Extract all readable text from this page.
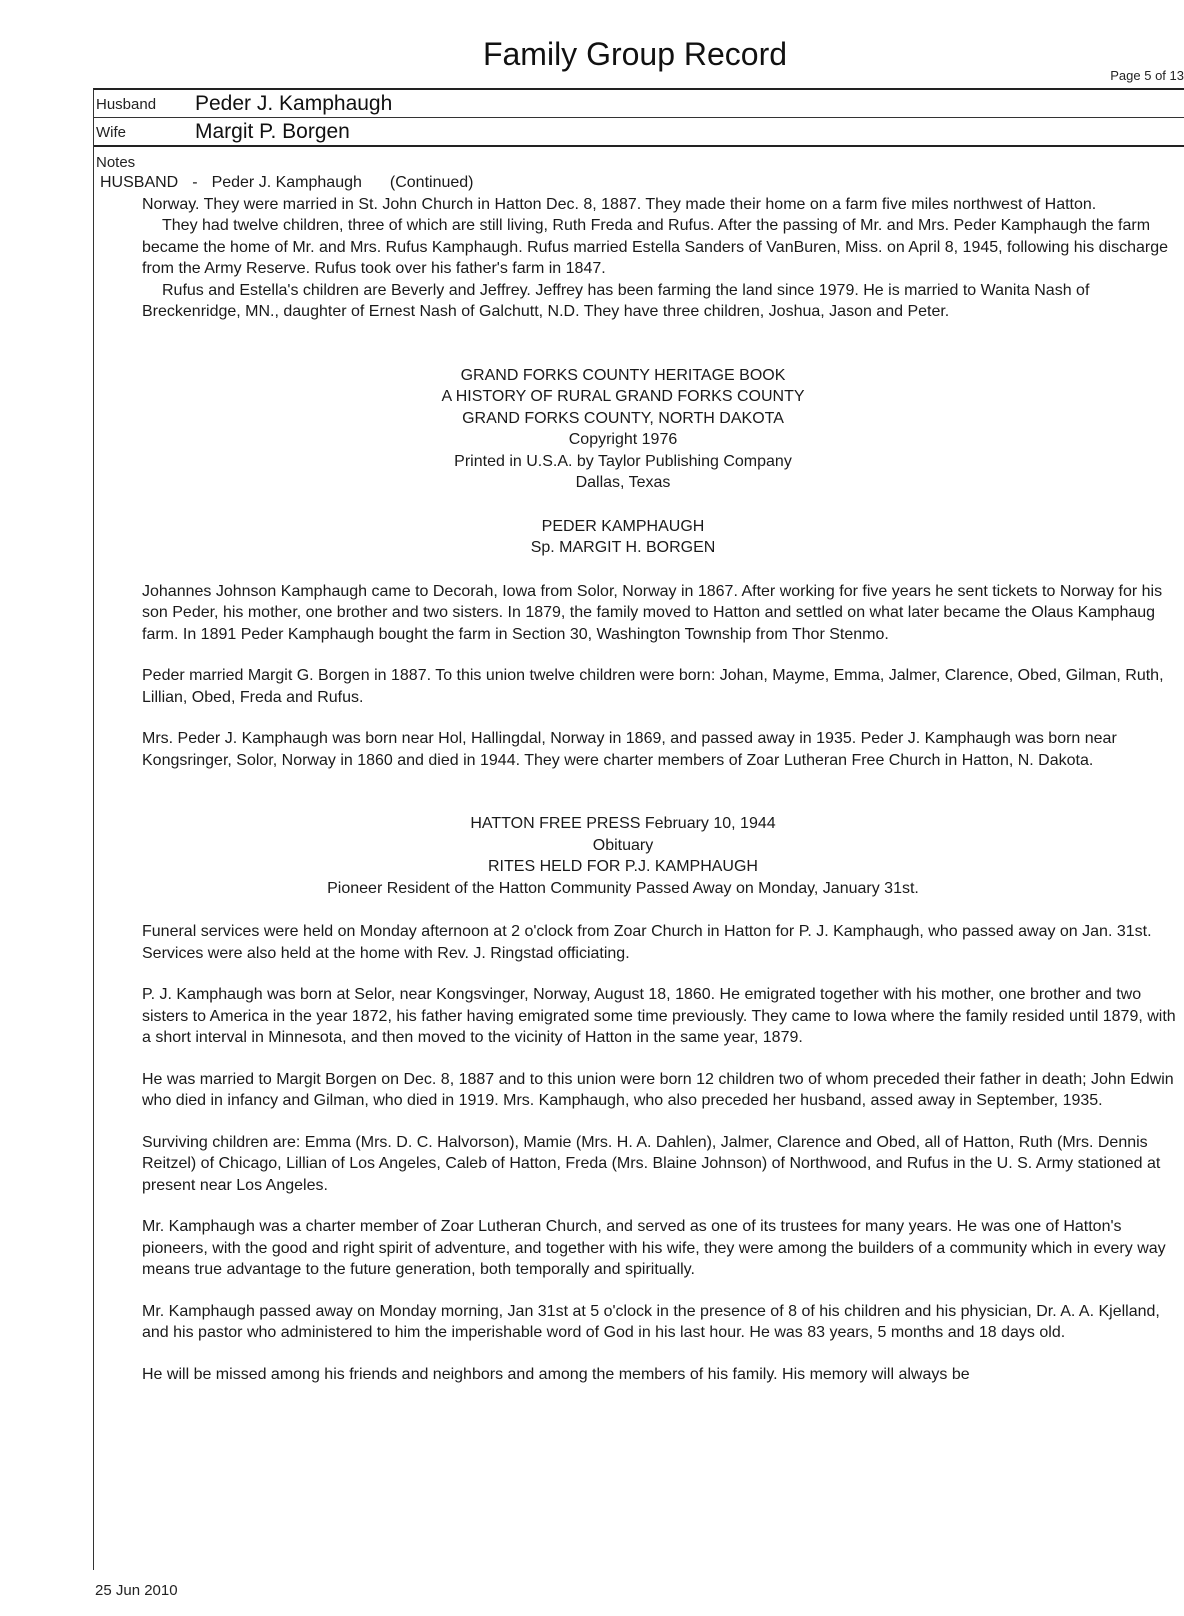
Family Group Record
Page 5 of 13
Husband Peder J. Kamphaugh
Wife	Margit P. Borgen
Notes
HUSBAND - Peder J. Kamphaugh (Continued)

Norway. They were married in St. John Church in Hatton Dec. 8, 1887. They made their home on a farm five miles northwest of Hatton.

They had twelve children, three of which are still living, Ruth Freda and Rufus. After the passing of Mr. and Mrs. Peder Kamphaugh the farm became the home of Mr. and Mrs. Rufus Kamphaugh. Rufus married Estella Sanders of VanBuren, Miss. on April 8, 1945, following his discharge from the Army Reserve. Rufus took over his father's farm in 1847.

Rufus and Estella's children are Beverly and Jeffrey. Jeffrey has been farming the land since 1979. He is married to Wanita Nash of Breckenridge, MN., daughter of Ernest Nash of Galchutt, N.D. They have three children, Joshua, Jason and Peter.

GRAND FORKS COUNTY HERITAGE BOOK
A HISTORY OF RURAL GRAND FORKS COUNTY
GRAND FORKS COUNTY, NORTH DAKOTA
Copyright 1976
Printed in U.S.A. by Taylor Publishing Company
Dallas, Texas
PEDER KAMPHAUGH
Sp. MARGIT H. BORGEN

Johannes Johnson Kamphaugh came to Decorah, Iowa from Solor, Norway in 1867. After working for five years he sent tickets to Norway for his son Peder, his mother, one brother and two sisters. In 1879, the family moved to Hatton and settled on what later became the Olaus Kamphaug farm. In 1891 Peder Kamphaugh bought the farm in Section 30, Washington Township from Thor Stenmo.

Peder married Margit G. Borgen in 1887. To this union twelve children were born: Johan, Mayme, Emma, Jalmer, Clarence, Obed, Gilman, Ruth, Lillian, Obed, Freda and Rufus.

Mrs. Peder J. Kamphaugh was born near Hol, Hallingdal, Norway in 1869, and passed away in 1935. Peder J. Kamphaugh was born near Kongsringer, Solor, Norway in 1860 and died in 1944. They were charter members of Zoar Lutheran Free Church in Hatton, N. Dakota.

HATTON FREE PRESS February 10, 1944
Obituary
RITES HELD FOR P.J. KAMPHAUGH
Pioneer Resident of the Hatton Community Passed Away on Monday, January 31st.

Funeral services were held on Monday afternoon at 2 o'clock from Zoar Church in Hatton for P. J. Kamphaugh, who passed away on Jan. 31st. Services were also held at the home with Rev. J. Ringstad officiating.

P. J. Kamphaugh was born at Selor, near Kongsvinger, Norway, August 18, 1860. He emigrated together with his mother, one brother and two sisters to America in the year 1872, his father having emigrated some time previously. They came to Iowa where the family resided until 1879, with a short interval in Minnesota, and then moved to the vicinity of Hatton in the same year, 1879.

He was married to Margit Borgen on Dec. 8, 1887 and to this union were born 12 children two of whom preceded their father in death; John Edwin who died in infancy and Gilman, who died in 1919. Mrs. Kamphaugh, who also preceded her husband, assed away in September, 1935.

Surviving children are: Emma (Mrs. D. C. Halvorson), Mamie (Mrs. H. A. Dahlen), Jalmer, Clarence and Obed, all of Hatton, Ruth (Mrs. Dennis Reitzel) of Chicago, Lillian of Los Angeles, Caleb of Hatton, Freda (Mrs. Blaine Johnson) of Northwood, and Rufus in the U. S. Army stationed at present near Los Angeles.

Mr. Kamphaugh was a charter member of Zoar Lutheran Church, and served as one of its trustees for many years. He was one of Hatton's pioneers, with the good and right spirit of adventure, and together with his wife, they were among the builders of a community which in every way means true advantage to the future generation, both temporally and spiritually.

Mr. Kamphaugh passed away on Monday morning, Jan 31st at 5 o'clock in the presence of 8 of his children and his physician, Dr. A. A. Kjelland, and his pastor who administered to him the imperishable word of God in his last hour. He was 83 years, 5 months and 18 days old.

He will be missed among his friends and neighbors and among the members of his family. His memory will always be

25 Jun 2010
